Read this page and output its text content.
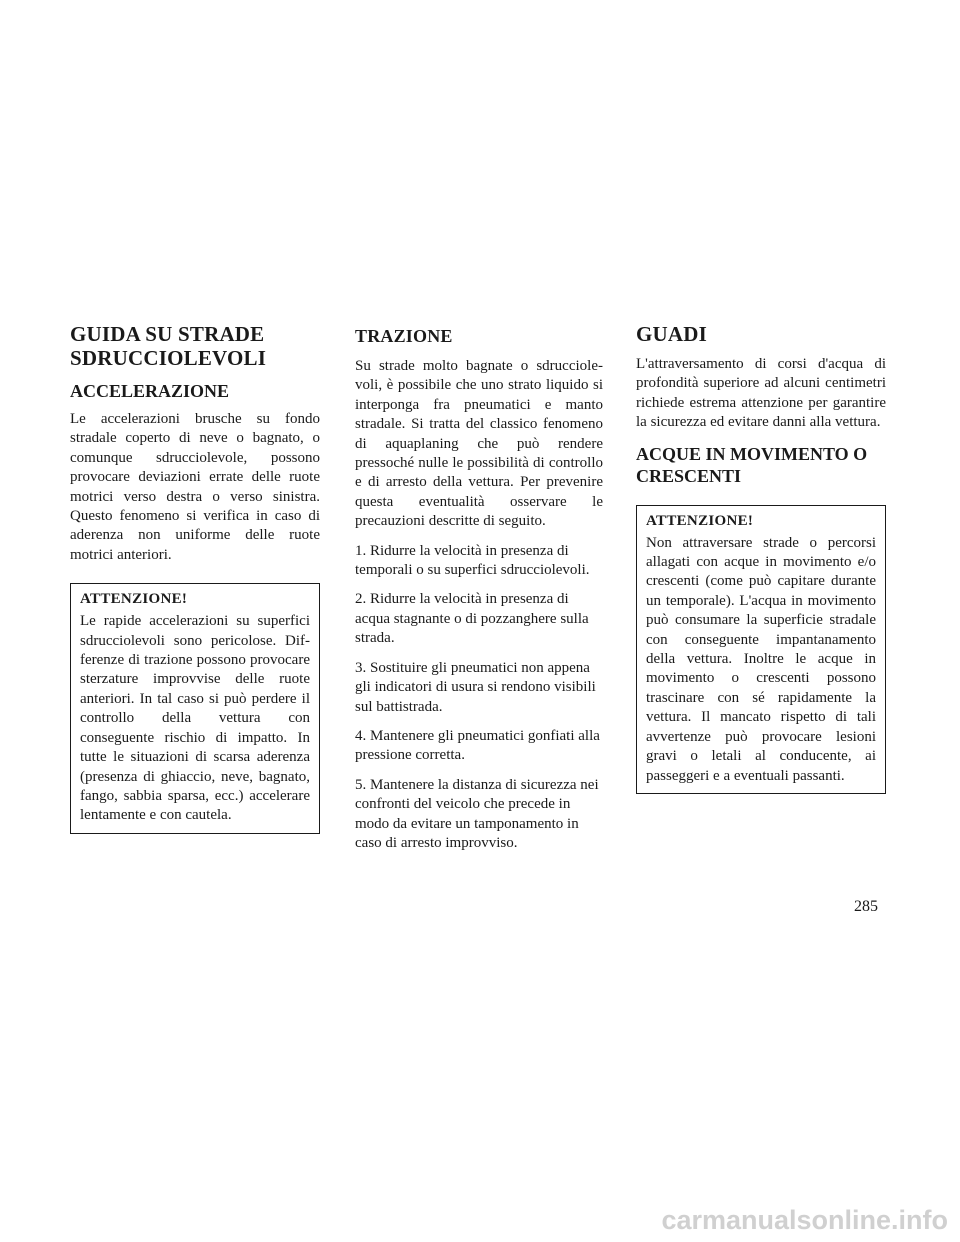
GUIDA SU STRADE SDRUCCIOLEVOLI
ACCELERAZIONE

Le accelerazioni brusche su fondo stradale coperto di neve o bagnato, o comunque sdrucciolevole, possono provocare deviazioni errate delle ruote motrici verso destra o verso sinistra. Questo fenomeno si verifica in caso di aderenza non uniforme delle ruote motrici anteriori.

ATTENZIONE!

Le rapide accelerazioni su superfici sdrucciolevoli sono pericolose. Differenze di trazione possono provocare sterzature improvvise delle ruote anteriori. In tal caso si può perdere il controllo della vettura con conseguente rischio di impatto. In tutte le situazioni di scarsa aderenza (presenza di ghiaccio, neve, bagnato, fango, sabbia sparsa, ecc.) accelerare lentamente e con cautela.

TRAZIONE

Su strade molto bagnate o sdrucciolevoli, è possibile che uno strato liquido si interponga fra pneumatici e manto stradale. Si tratta del classico fenomeno di aquaplaning che può rendere pressoché nulle le possibilità di controllo e di arresto della vettura. Per prevenire questa eventualità osservare le precauzioni descritte di seguito.

1. Ridurre la velocità in presenza di temporali o su superfici sdrucciolevoli.

2. Ridurre la velocità in presenza di acqua stagnante o di pozzanghere sulla strada.

3. Sostituire gli pneumatici non appena gli indicatori di usura si rendono visibili sul battistrada.

4. Mantenere gli pneumatici gonfiati alla pressione corretta.

5. Mantenere la distanza di sicurezza nei confronti del veicolo che precede in modo da evitare un tamponamento in caso di arresto improvviso.

GUADI

L'attraversamento di corsi d'acqua di profondità superiore ad alcuni centimetri richiede estrema attenzione per garantire la sicurezza ed evitare danni alla vettura.

ACQUE IN MOVIMENTO O CRESCENTI
ATTENZIONE!

Non attraversare strade o percorsi allagati con acque in movimento e/o crescenti (come può capitare durante un temporale). L'acqua in movimento può consumare la superficie stradale con conseguente impantanamento della vettura. Inoltre le acque in movimento o crescenti possono trascinare con sé rapidamente la vettura. Il mancato rispetto di tali avvertenze può provocare lesioni gravi o letali al conducente, ai passeggeri e a eventuali passanti.

285
carmanualsonline.info
